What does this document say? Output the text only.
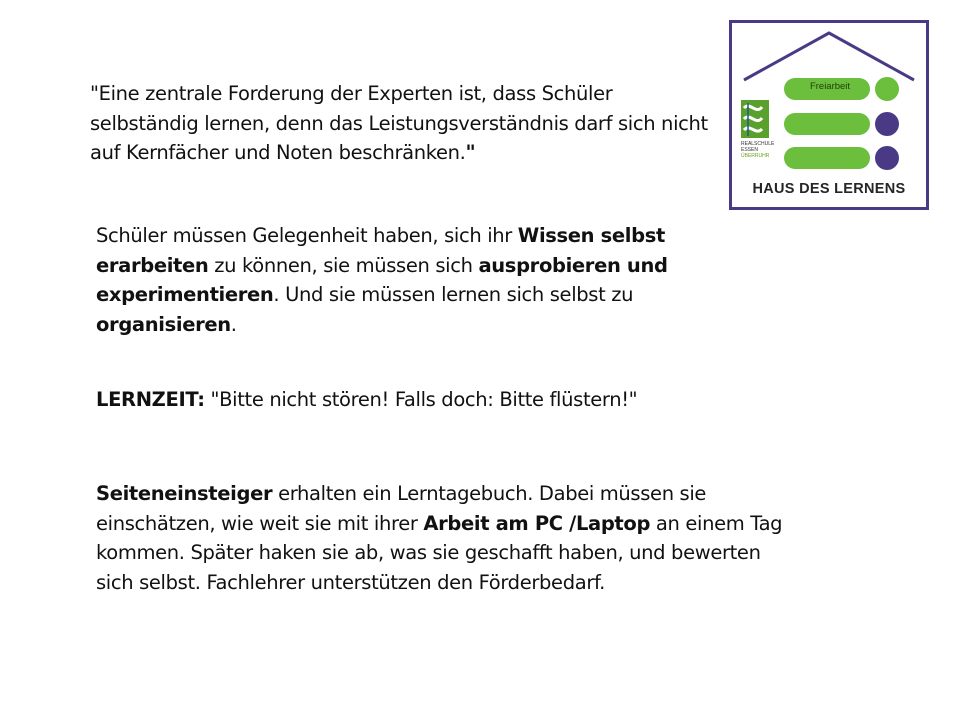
"Eine zentrale Forderung der Experten ist, dass Schüler
selbständig lernen, denn das Leistungsverständnis darf sich nicht
auf Kernfächer und Noten beschränken."

Schüler müssen Gelegenheit haben, sich ihr Wissen selbst erarbeiten zu können, sie müssen sich ausprobieren und experimentieren. Und sie müssen lernen sich selbst zu organisieren.

LERNZEIT: "Bitte nicht stören! Falls doch: Bitte flüstern!"

Seiteneinsteiger erhalten ein Lerntagebuch. Dabei müssen sie einschätzen, wie weit sie mit ihrer Arbeit am PC /Laptop an einem Tag kommen. Später haken sie ab, was sie geschafft haben, und bewerten sich selbst. Fachlehrer unterstützen den Förderbedarf.

Freiarbeit
REALSCHULE
ESSEN
ÜBERRUHR
HAUS DES LERNENS
